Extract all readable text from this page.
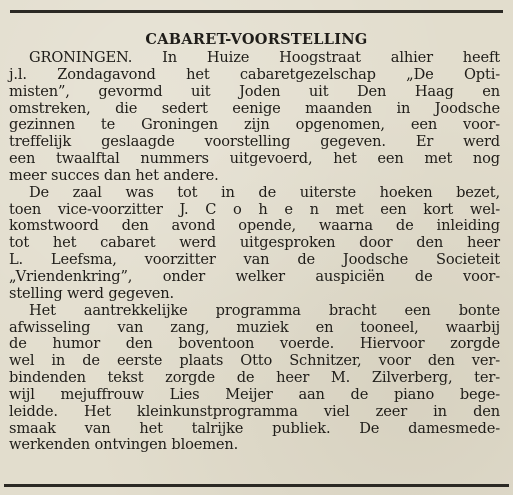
CABARET-VOORSTELLING
GRONINGEN. In Huize Hoogstraat alhier heeft
j.l. Zondagavond het cabaretgezelschap „De Opti-
misten”, gevormd uit Joden uit Den Haag en
omstreken, die sedert eenige maanden in Joodsche
gezinnen te Groningen zijn opgenomen, een voor-
treffelijk geslaagde voorstelling gegeven. Er werd
een twaalftal nummers uitgevoerd, het een met nog
meer succes dan het andere.
De zaal was tot in de uiterste hoeken bezet,
toen vice-voorzitter J. C o h e n met een kort wel-
komstwoord den avond opende, waarna de inleiding
tot het cabaret werd uitgesproken door den heer
L. Leefsma, voorzitter van de Joodsche Societeit
„Vriendenkring”, onder welker auspiciën de voor-
stelling werd gegeven.
Het aantrekkelijke programma bracht een bonte
afwisseling van zang, muziek en tooneel, waarbij
de humor den boventoon voerde. Hiervoor zorgde
wel in de eerste plaats Otto Schnitzer, voor den ver-
bindenden tekst zorgde de heer M. Zilverberg, ter-
wijl mejuffrouw Lies Meijer aan de piano bege-
leidde. Het kleinkunstprogramma viel zeer in den
smaak van het talrijke publiek. De damesmede-
werkenden ontvingen bloemen.
